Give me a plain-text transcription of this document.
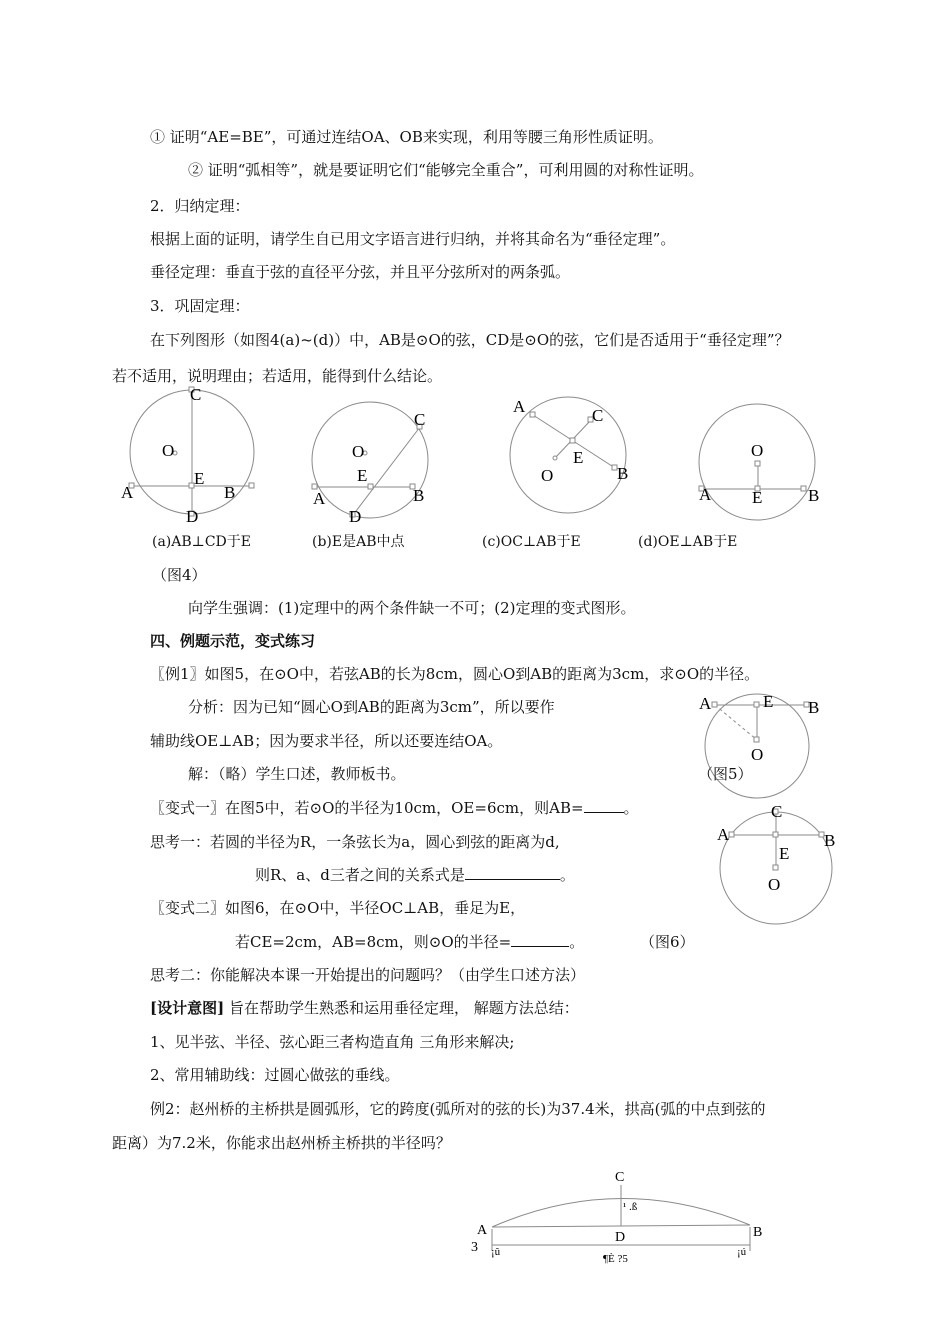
① 证明“AE=BE”，可通过连结OA、OB来实现，利用等腰三角形性质证明。
② 证明“弧相等”，就是要证明它们“能够完全重合”，可利用圆的对称性证明。
2．归纳定理：
根据上面的证明，请学生自已用文字语言进行归纳，并将其命名为“垂径定理”。
垂径定理：垂直于弦的直径平分弦，并且平分弦所对的两条弧。
3．巩固定理：
在下列图形（如图4(a)~(d)）中，AB是⊙O的弦，CD是⊙O的弦，它们是否适用于“垂径定理”？
若不适用，说明理由；若适用，能得到什么结论。
C
O
E
A	B
D
(a)AB⊥CD于E
C
O
E
A	B
D
(b)E是AB中点
A	C
E
O	B
(c)OC⊥AB于E
O
A E	B
(d)OE⊥AB于E
（图4）
向学生强调：(1)定理中的两个条件缺一不可；(2)定理的变式图形。
四、例题示范，变式练习
〖例1〗如图5，在⊙O中，若弦AB的长为8cm，圆心O到AB的距离为3cm，求⊙O的半径。
分析：因为已知“圆心O到AB的距离为3cm”，所以要作
辅助线OE⊥AB；因为要求半径，所以还要连结OA。
解：（略）学生口述，教师板书。
A	E B
O
（图5）
〖变式一〗在图5中，若⊙O的半径为10cm，OE=6cm，则AB=	。
思考一：若圆的半径为R，一条弦长为a，圆心到弦的距离为d,
则R、a、d三者之间的关系式是	。
C
A	B
E
O
〖变式二〗如图6，在⊙O中，半径OC⊥AB，垂足为E，
若CE=2cm，AB=8cm，则⊙O的半径=	。	（图6）
思考二：你能解决本课一开始提出的问题吗？（由学生口述方法）
[设计意图] 旨在帮助学生熟悉和运用垂径定理， 解题方法总结：
1、见半弦、半径、弦心距三者构造直角 三角形来解决;
2、常用辅助线：过圆心做弦的垂线。
例2：赵州桥的主桥拱是圆弧形，它的跨度(弧所对的弦的长)为37.4米，拱高(弧的中点到弦的
距离）为7.2米，你能求出赵州桥主桥拱的半径吗？
C
A	D	B
3
¹ .ß
¡û
¶È ?5
¡ú
